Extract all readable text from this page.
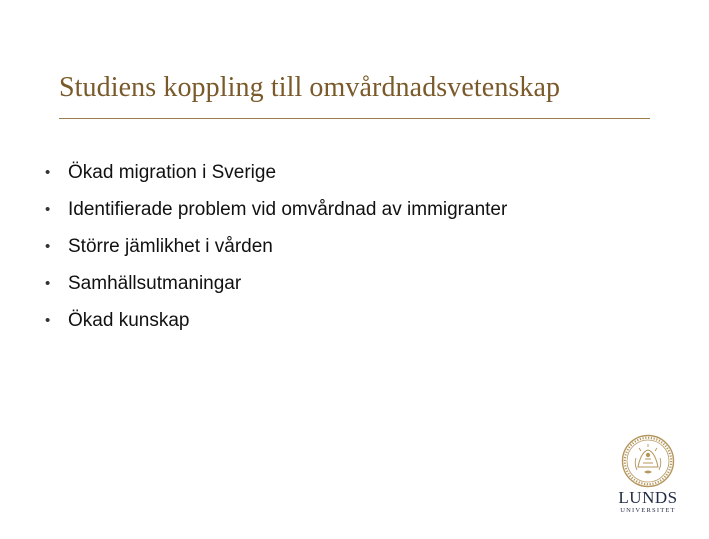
Studiens koppling till omvårdnadsvetenskap
• Ökad migration i Sverige
• Identifierade problem vid omvårdnad av immigranter
• Större jämlikhet i vården
• Samhällsutmaningar
• Ökad kunskap
LUNDS
UNIVERSITET
